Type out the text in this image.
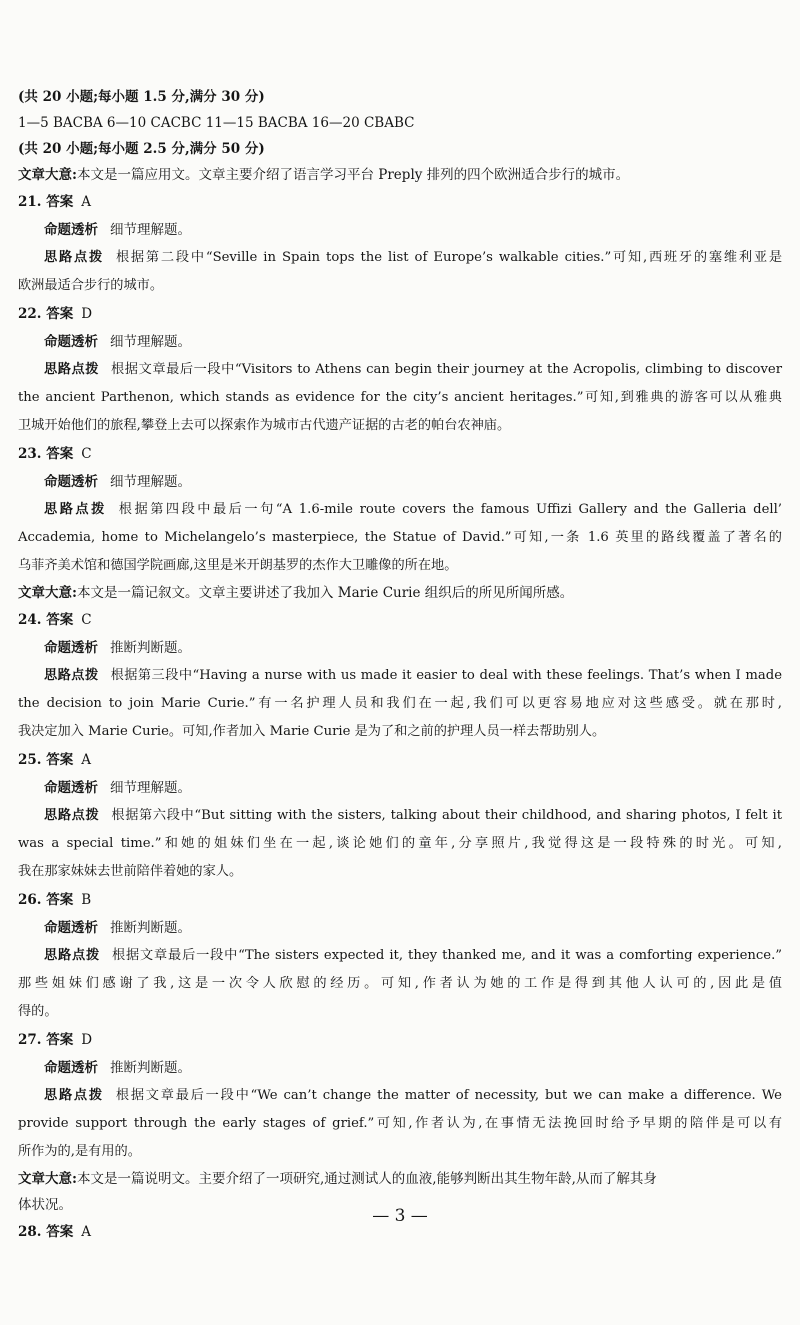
(共 20 小题;每小题 1.5 分,满分 30 分)

1—5 BACBA 6—10 CACBC 11—15 BACBA 16—20 CBABC

(共 20 小题;每小题 2.5 分,满分 50 分)

文章大意:本文是一篇应用文。文章主要介绍了语言学习平台 Preply 排列的四个欧洲适合步行的城市。
21. 答案 A
命题透析 细节理解题。
思路点拨 根据第二段中“Seville in Spain tops the list of Europe’s walkable cities.”可知,西班牙的塞维利亚是
欧洲最适合步行的城市。
22. 答案 D
命题透析 细节理解题。
思路点拨 根据文章最后一段中“Visitors to Athens can begin their journey at the Acropolis, climbing to discover
the ancient Parthenon, which stands as evidence for the city’s ancient heritages.”可知,到雅典的游客可以从雅典
卫城开始他们的旅程,攀登上去可以探索作为城市古代遗产证据的古老的帕台农神庙。
23. 答案 C
命题透析 细节理解题。
思路点拨 根据第四段中最后一句“A 1.6-mile route covers the famous Uffizi Gallery and the Galleria dell’
Accademia, home to Michelangelo’s masterpiece, the Statue of David.”可知,一条 1.6 英里的路线覆盖了著名的
乌菲齐美术馆和德国学院画廊,这里是米开朗基罗的杰作大卫雕像的所在地。
文章大意:本文是一篇记叙文。文章主要讲述了我加入 Marie Curie 组织后的所见所闻所感。
24. 答案 C
命题透析 推断判断题。
思路点拨 根据第三段中“Having a nurse with us made it easier to deal with these feelings. That’s when I made
the decision to join Marie Curie.”有一名护理人员和我们在一起,我们可以更容易地应对这些感受。就在那时,
我决定加入 Marie Curie。可知,作者加入 Marie Curie 是为了和之前的护理人员一样去帮助别人。
25. 答案 A
命题透析 细节理解题。
思路点拨 根据第六段中“But sitting with the sisters, talking about their childhood, and sharing photos, I felt it
was a special time.”和她的姐妹们坐在一起,谈论她们的童年,分享照片,我觉得这是一段特殊的时光。可知,
我在那家妹妹去世前陪伴着她的家人。
26. 答案 B
命题透析 推断判断题。
思路点拨 根据文章最后一段中“The sisters expected it, they thanked me, and it was a comforting experience.”
那些姐妹们感谢了我,这是一次令人欣慰的经历。可知,作者认为她的工作是得到其他人认可的,因此是值
得的。
27. 答案 D
命题透析 推断判断题。
思路点拨 根据文章最后一段中“We can’t change the matter of necessity, but we can make a difference. We
provide support through the early stages of grief.”可知,作者认为,在事情无法挽回时给予早期的陪伴是可以有
所作为的,是有用的。
文章大意:本文是一篇说明文。主要介绍了一项研究,通过测试人的血液,能够判断出其生物年龄,从而了解其身
体状况。
28. 答案 A
— 3 —
